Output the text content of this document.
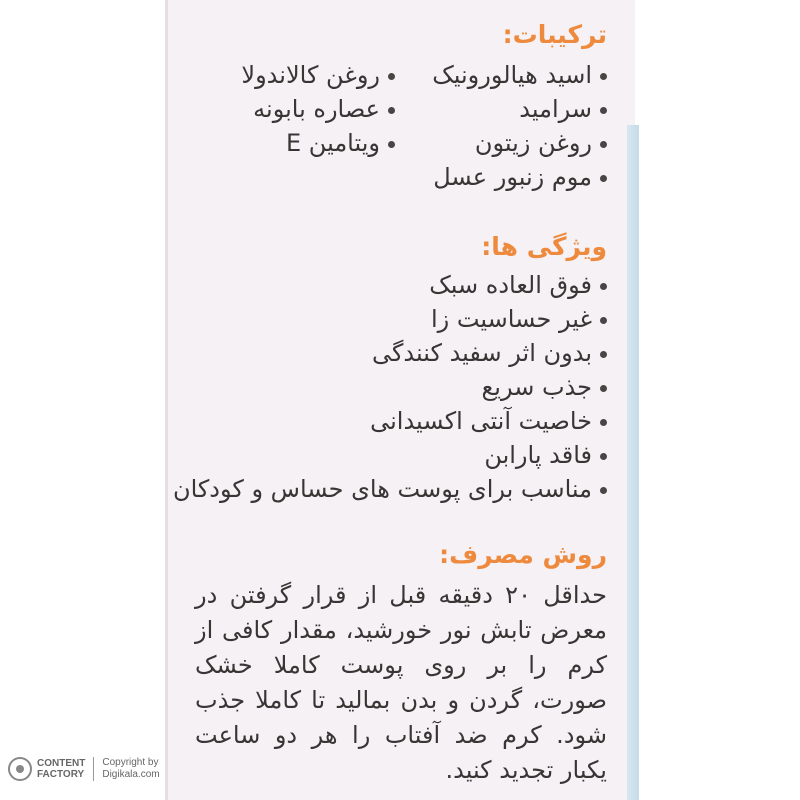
ترکیبات:
اسید هیالورونیک
سرامید
روغن زیتون
موم زنبور عسل
روغن کالاندولا
عصاره بابونه
ویتامین E
ویژگی ها:
فوق العاده سبک
غیر حساسیت زا
بدون اثر سفید کنندگی
جذب سریع
خاصیت آنتی اکسیدانی
فاقد پارابن
مناسب برای پوست های حساس و کودکان
روش مصرف:

حداقل ۲۰ دقیقه قبل از قرار گرفتن در معرض تابش نور خورشید، مقدار کافی از کرم را بر روی پوست کاملا خشک صورت، گردن و بدن بمالید تا کاملا جذب شود. کرم ضد آفتاب را هر دو ساعت یکبار تجدید کنید.

CONTENT
FACTORY
Copyright by
Digikala.com
